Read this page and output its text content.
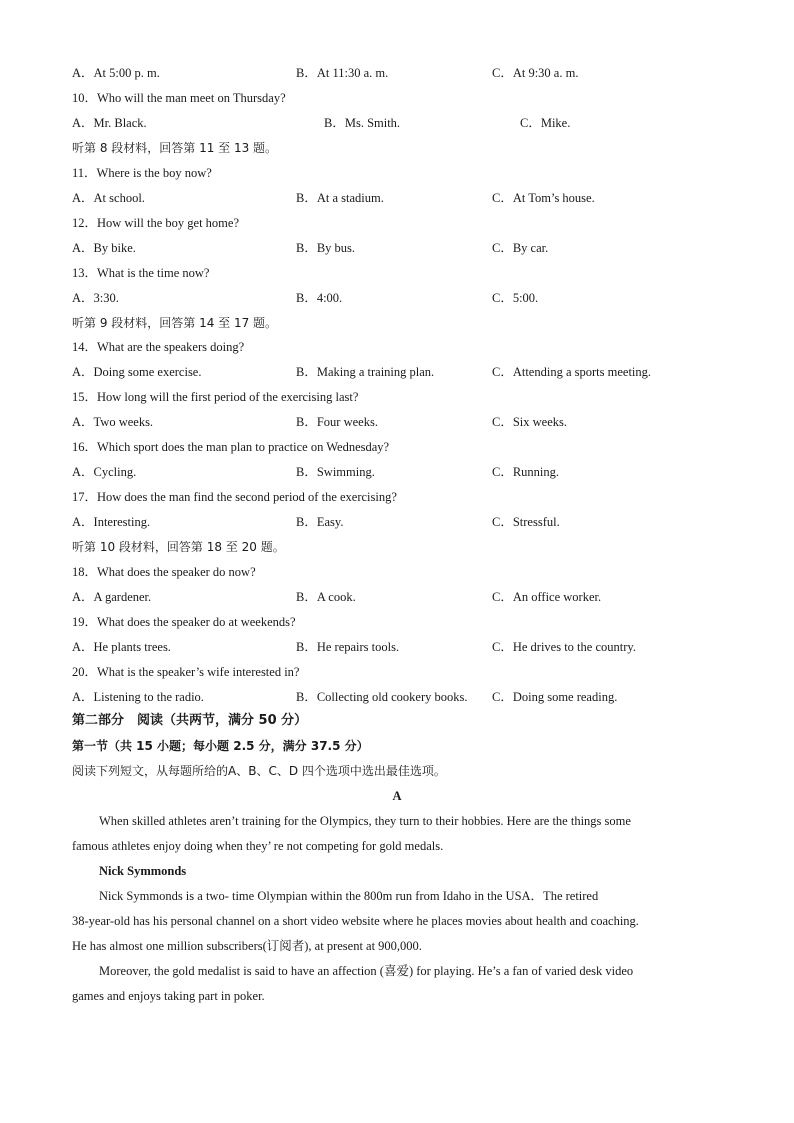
A．At 5:00 p. m.	B．At 11:30 a. m.	C．At 9:30 a. m.
10．Who will the man meet on Thursday?
A．Mr. Black.	B．Ms. Smith.	C．Mike.
听第 8 段材料，回答第 11 至 13 题。
11．Where is the boy now?
A．At school.	B．At a stadium.	C．At Tom’s house.
12．How will the boy get home?
A．By bike.	B．By bus.	C．By car.
13．What is the time now?
A．3:30.	B．4:00.	C．5:00.
听第 9 段材料，回答第 14 至 17 题。
14．What are the speakers doing?
A．Doing some exercise.	B．Making a training plan.	C．Attending a sports meeting.
15．How long will the first period of the exercising last?
A．Two weeks.	B．Four weeks.	C．Six weeks.
16．Which sport does the man plan to practice on Wednesday?
A．Cycling.	B．Swimming.	C．Running.
17．How does the man find the second period of the exercising?
A．Interesting.	B．Easy.	C．Stressful.
听第 10 段材料，回答第 18 至 20 题。
18．What does the speaker do now?
A．A gardener.	B．A cook.	C．An office worker.
19．What does the speaker do at weekends?
A．He plants trees.	B．He repairs tools.	C．He drives to the country.
20．What is the speaker’s wife interested in?
A．Listening to the radio.	B．Collecting old cookery books. C．Doing some reading.
第二部分　阅读（共两节，满分 50 分）
第一节（共 15 小题；每小题 2.5 分，满分 37.5 分）
阅读下列短文，从每题所给的A、B、C、D 四个选项中选出最佳选项。
A
When skilled athletes aren’t training for the Olympics, they turn to their hobbies. Here are the things some
famous athletes enjoy doing when they’ re not competing for gold medals.
Nick Symmonds
Nick Symmonds is a two- time Olympian within the 800m run from Idaho in the USA．The retired
38-year-old has his personal channel on a short video website where he places movies about health and coaching.
He has almost one million subscribers(订阅者), at present at 900,000.
Moreover, the gold medalist is said to have an affection (喜爱) for playing. He’s a fan of varied desk video
games and enjoys taking part in poker.
